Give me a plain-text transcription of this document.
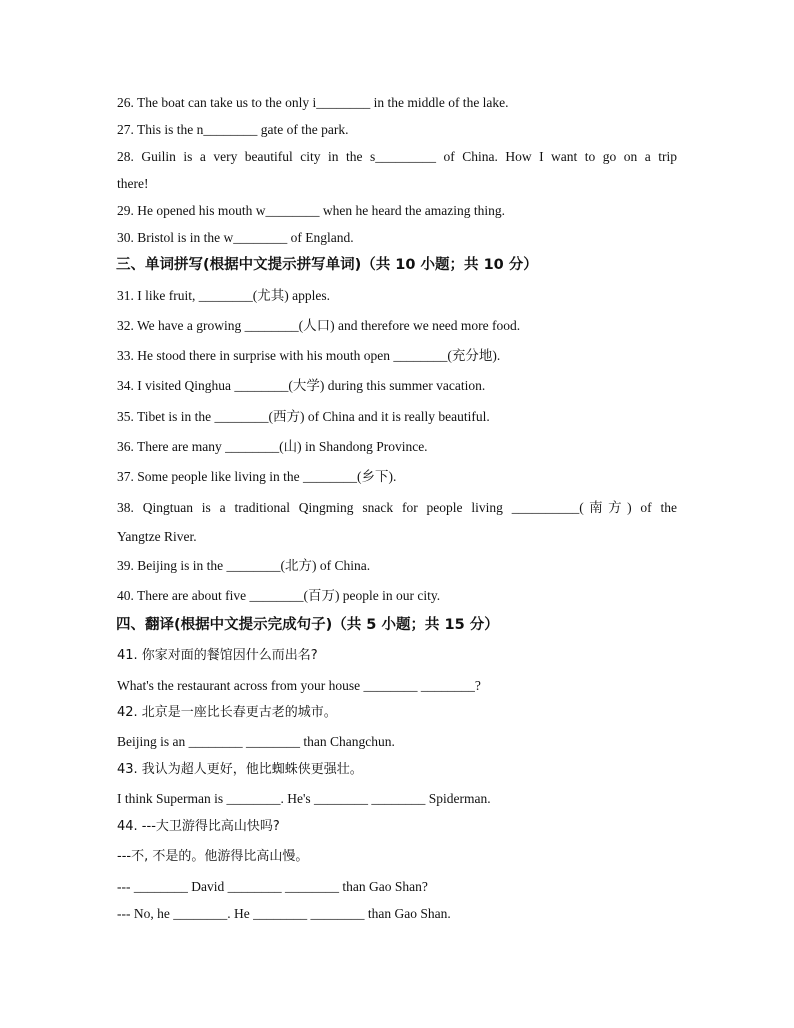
26. The boat can take us to the only i________ in the middle of the lake.
27. This is the n________ gate of the park.
28. Guilin is a very beautiful city in the s_________ of China. How I want to go on a trip
there!
29. He opened his mouth w________ when he heard the amazing thing.
30. Bristol is in the w________ of England.
三、单词拼写(根据中文提示拼写单词)（共 10 小题；共 10 分）
31. I like fruit, ________(尤其) apples.
32. We have a growing ________(人口) and therefore we need more food.
33. He stood there in surprise with his mouth open ________(充分地).
34. I visited Qinghua ________(大学) during this summer vacation.
35. Tibet is in the ________(西方) of China and it is really beautiful.
36. There are many ________(山) in Shandong Province.
37. Some people like living in the ________(乡下).
38. Qingtuan is a traditional Qingming snack for people living __________(南方) of the
Yangtze River.
39. Beijing is in the ________(北方) of China.
40. There are about five ________(百万) people in our city.
四、翻译(根据中文提示完成句子)（共 5 小题；共 15 分）
41. 你家对面的餐馆因什么而出名?
What's the restaurant across from your house ________ ________?
42. 北京是一座比长春更古老的城市。
Beijing is an ________ ________ than Changchun.
43. 我认为超人更好，他比蜘蛛侠更强壮。
I think Superman is ________. He's ________ ________ Spiderman.
44. ---大卫游得比高山快吗?
---不, 不是的。他游得比高山慢。
--- ________ David ________ ________ than Gao Shan?
--- No, he ________. He ________ ________ than Gao Shan.
